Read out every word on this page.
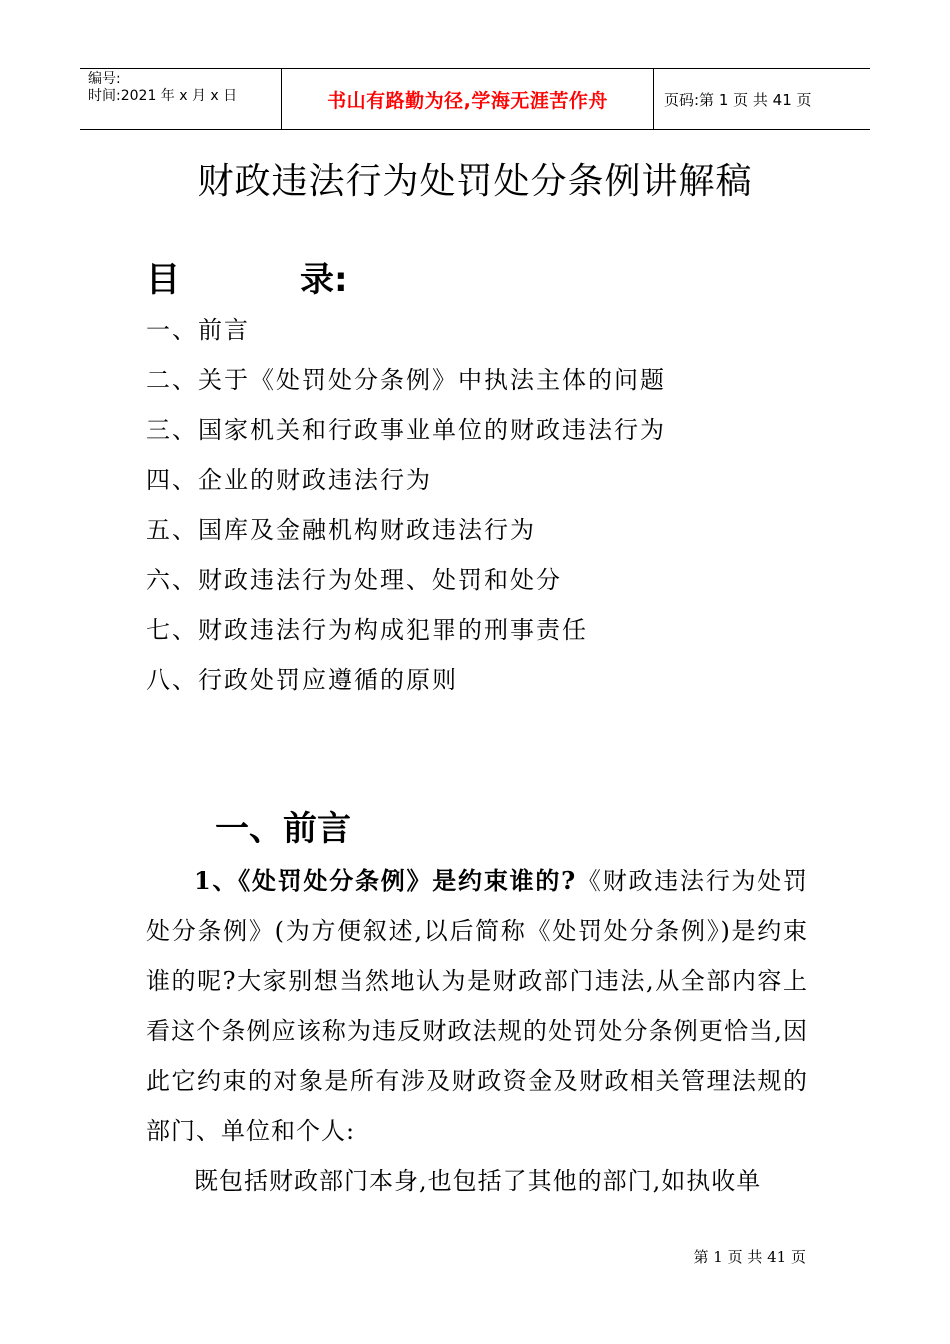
编号:
时间:2021 年 x 月 x 日	书山有路勤为径,学海无涯苦作舟	页码:第 1 页 共 41 页
财政违法行为处罚处分条例讲解稿
目	录:
一、前言
二、关于《处罚处分条例》中执法主体的问题
三、国家机关和行政事业单位的财政违法行为
四、企业的财政违法行为
五、国库及金融机构财政违法行为
六、财政违法行为处理、处罚和处分
七、财政违法行为构成犯罪的刑事责任
八、行政处罚应遵循的原则
一、前言

1、《处罚处分条例》是约束谁的?《财政违法行为处罚处分条例》(为方便叙述,以后简称《处罚处分条例》)是约束谁的呢?大家别想当然地认为是财政部门违法,从全部内容上看这个条例应该称为违反财政法规的处罚处分条例更恰当,因此它约束的对象是所有涉及财政资金及财政相关管理法规的部门、单位和个人:

既包括财政部门本身,也包括了其他的部门,如执收单

第 1 页 共 41 页
